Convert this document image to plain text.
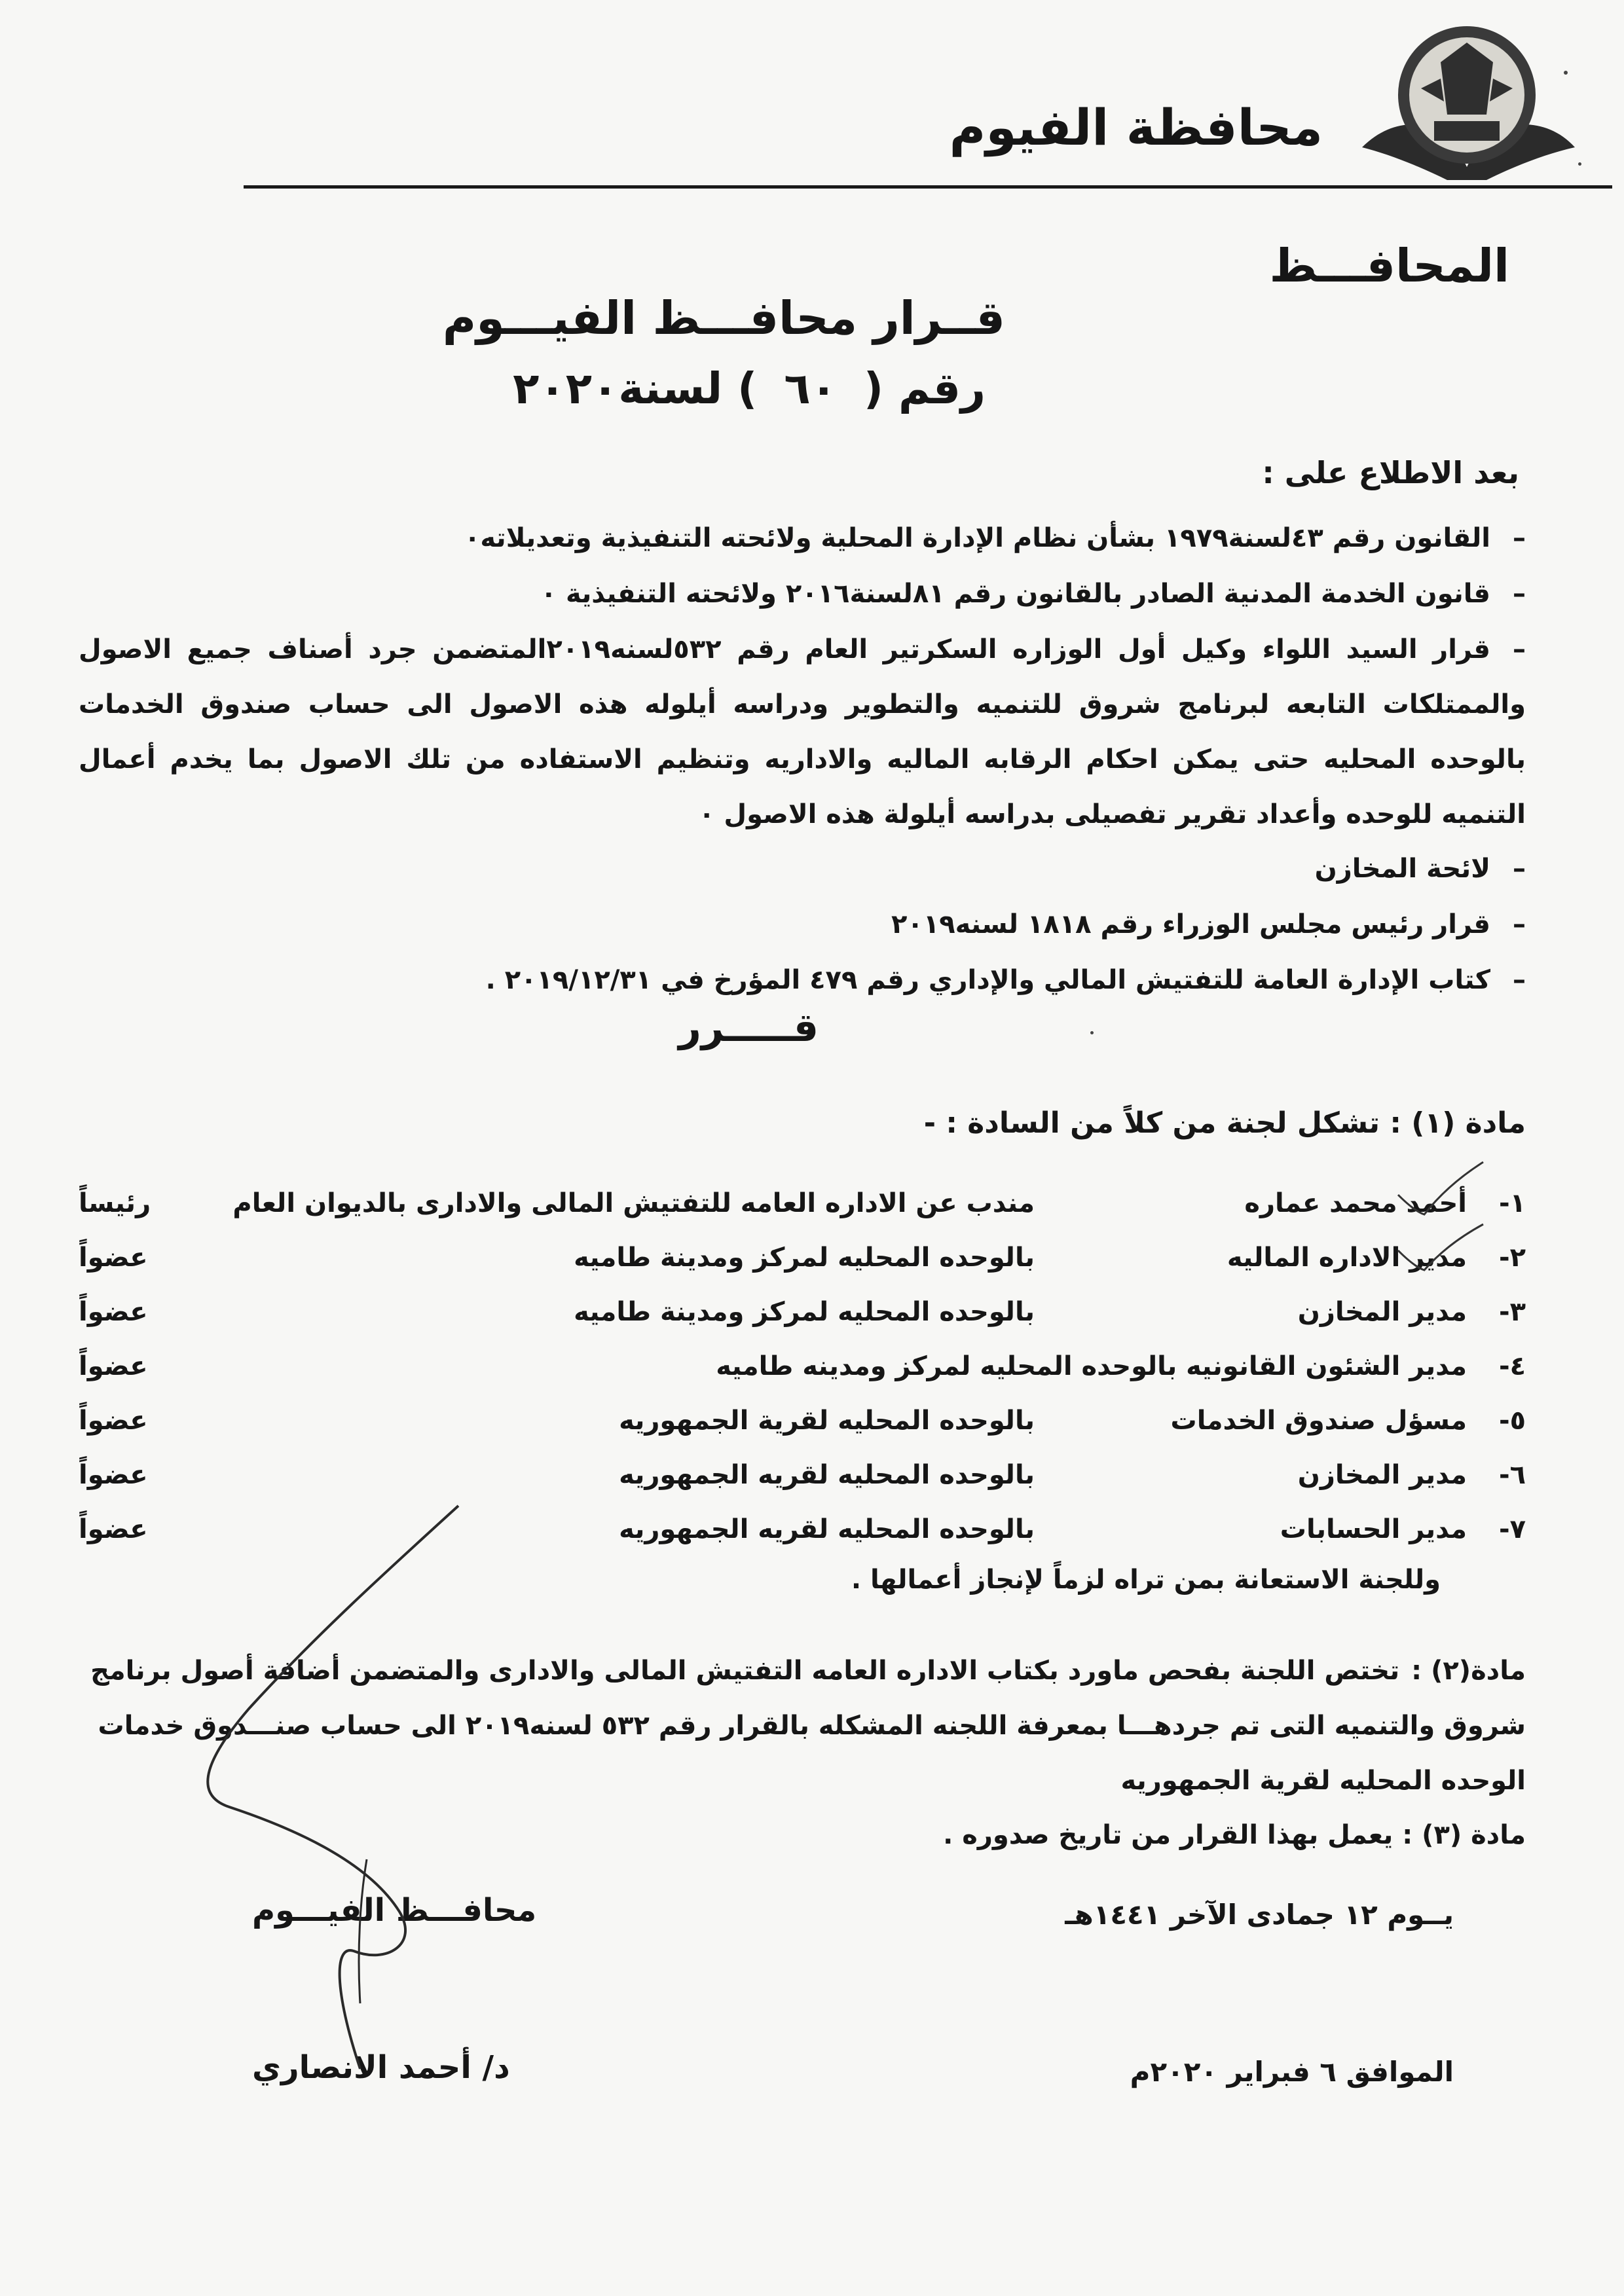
محافظة الفيوم
المحافـــظ
قــرار محافـــظ الفيـــوم
رقم ( ٦٠ ) لسنة٢٠٢٠
بعد الاطلاع على :
–القانون رقم ٤٣لسنة١٩٧٩ بشأن نظام الإدارة المحلية ولائحته التنفيذية وتعديلاته٠
–قانون الخدمة المدنية الصادر بالقانون رقم ٨١لسنة٢٠١٦ ولائحته التنفيذية ٠
–قرار السيد اللواء وكيل أول الوزاره السكرتير العام رقم ٥٣٢لسنه٢٠١٩المتضمن جرد أصناف جميع الاصول والممتلكات التابعه لبرنامج شروق للتنميه والتطوير ودراسه أيلوله هذه الاصول الى حساب صندوق الخدمات بالوحده المحليه حتى يمكن احكام الرقابه الماليه والاداريه وتنظيم الاستفاده من تلك الاصول بما يخدم أعمال التنميه للوحده وأعداد تقرير تفصيلى بدراسه أيلولة هذه الاصول ٠
–لائحة المخازن
–قرار رئيس مجلس الوزراء رقم ١٨١٨ لسنه٢٠١٩
–كتاب الإدارة العامة للتفتيش المالي والإداري رقم ٤٧٩ المؤرخ في ٢٠١٩/١٢/٣١ .
قـــــرر
مادة (١) : تشكل لجنة من كلاً من السادة : -
١-
أحمد محمد عماره
مندب عن الاداره العامه للتفتيش المالى والادارى بالديوان العام
رئيساً
٢-
مدير الاداره الماليه
بالوحده المحليه لمركز ومدينة طاميه
عضواً
٣-
مدير المخازن
بالوحده المحليه لمركز ومدينة طاميه
عضواً
٤-
مدير الشئون القانونيه بالوحده المحليه لمركز ومدينه طاميه
عضواً
٥-
مسؤل صندوق الخدمات
بالوحده المحليه لقرية الجمهوريه
عضواً
٦-
مدير المخازن
بالوحده المحليه لقريه الجمهوريه
عضواً
٧-
مدير الحسابات
بالوحده المحليه لقريه الجمهوريه
عضواً
وللجنة الاستعانة بمن تراه لزماً لإنجاز أعمالها .
مادة(٢) :
تختص اللجنة بفحص ماورد بكتاب الاداره العامه التفتيش المالى والادارى والمتضمن أضافة أصول برنامج شروق والتنميه التى تم جردهـــا بمعرفة اللجنه المشكله بالقرار رقم ٥٣٢ لسنه٢٠١٩ الى حساب صنـــدوق خدمات الوحده المحليه لقرية الجمهوريه
مادة (٣) : يعمل بهذا القرار من تاريخ صدوره .
يــوم ١٢ جمادى الآخر ١٤٤١هـ
الموافق ٦ فبراير ٢٠٢٠م
محافـــظ الفيـــوم
د/ أحمد الانصاري
